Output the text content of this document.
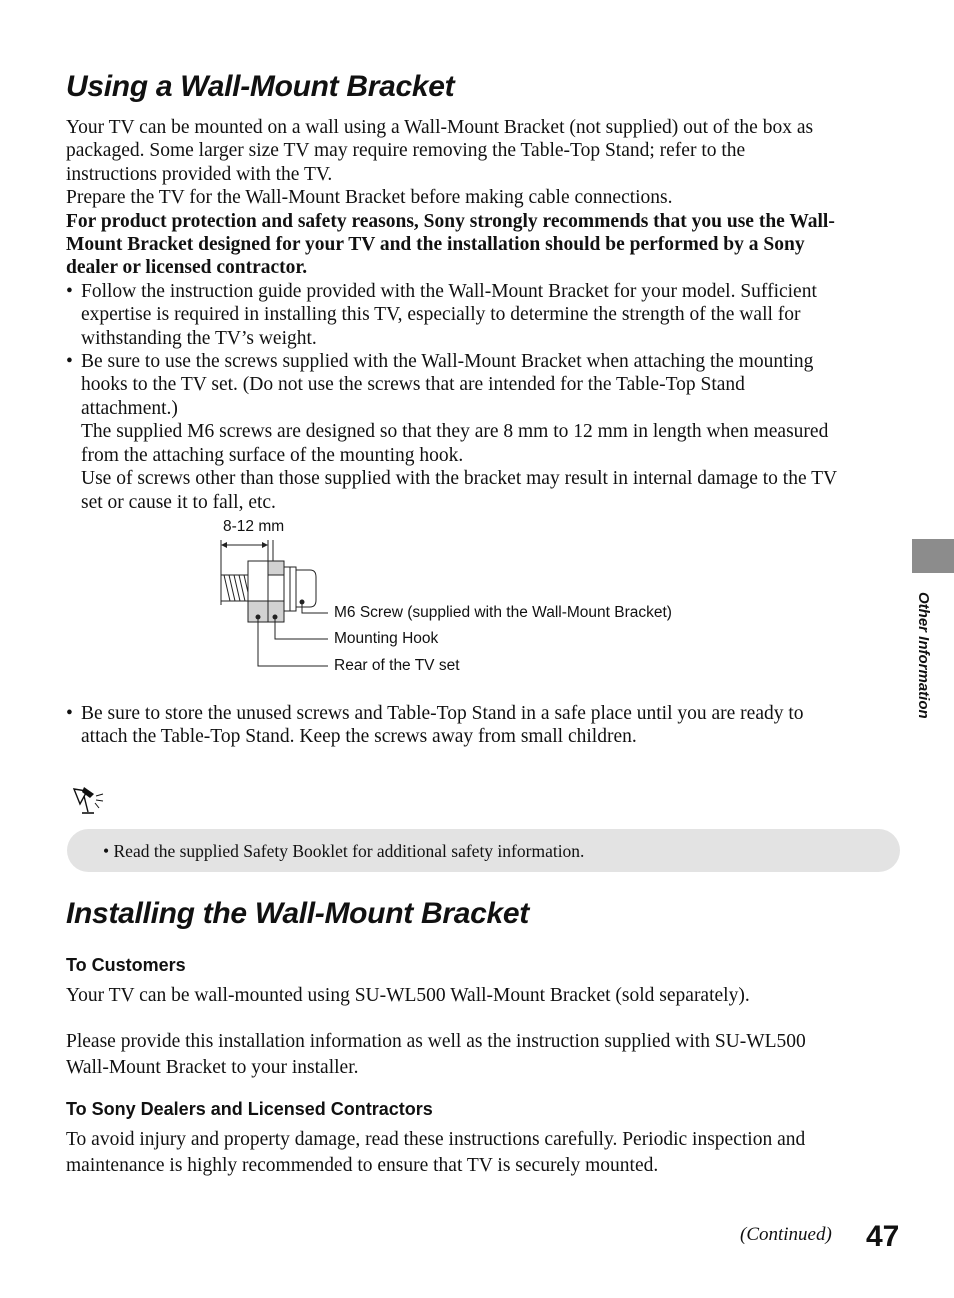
Using a Wall-Mount Bracket
Your TV can be mounted on a wall using a Wall-Mount Bracket (not supplied) out of the box as
packaged. Some larger size TV may require removing the Table-Top Stand; refer to the
instructions provided with the TV.
Prepare the TV for the Wall-Mount Bracket before making cable connections.
For product protection and safety reasons, Sony strongly recommends that you use the Wall-
Mount Bracket designed for your TV and the installation should be performed by a Sony
dealer or licensed contractor.
• Follow the instruction guide provided with the Wall-Mount Bracket for your model. Sufficient
expertise is required in installing this TV, especially to determine the strength of the wall for
withstanding the TV’s weight.
• Be sure to use the screws supplied with the Wall-Mount Bracket when attaching the mounting
hooks to the TV set. (Do not use the screws that are intended for the Table-Top Stand
attachment.)
The supplied M6 screws are designed so that they are 8 mm to 12 mm in length when measured
from the attaching surface of the mounting hook.
Use of screws other than those supplied with the bracket may result in internal damage to the TV
set or cause it to fall, etc.
8-12 mm
M6 Screw (supplied with the Wall-Mount Bracket)
Mounting Hook
Rear of the TV set
• Be sure to store the unused screws and Table-Top Stand in a safe place until you are ready to
attach the Table-Top Stand. Keep the screws away from small children.
• Read the supplied Safety Booklet for additional safety information.
Installing the Wall-Mount Bracket
To Customers
Your TV can be wall-mounted using SU-WL500 Wall-Mount Bracket (sold separately).
Please provide this installation information as well as the instruction supplied with SU-WL500
Wall-Mount Bracket to your installer.
To Sony Dealers and Licensed Contractors
To avoid injury and property damage, read these instructions carefully. Periodic inspection and
maintenance is highly recommended to ensure that TV is securely mounted.
Other Information
(Continued) 47
